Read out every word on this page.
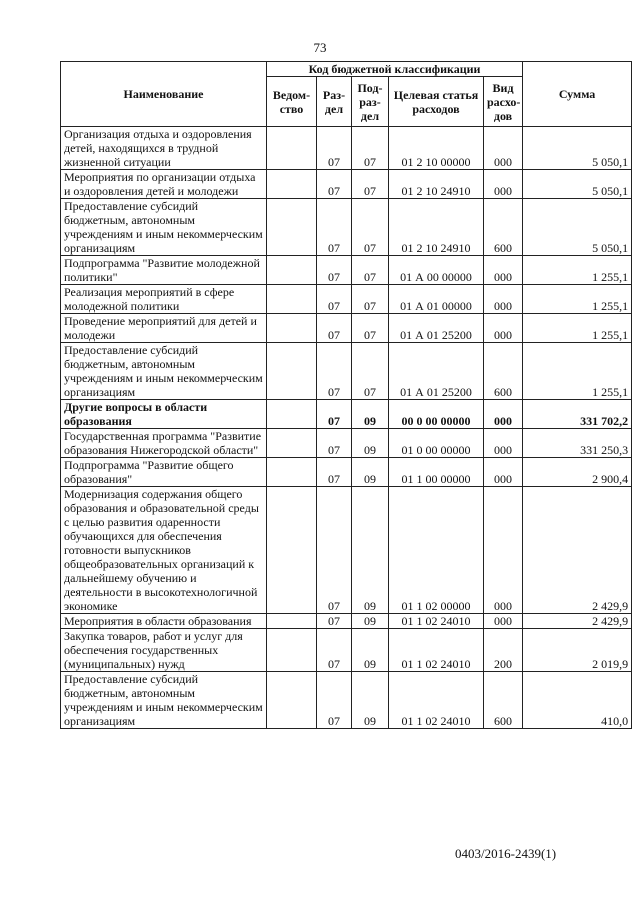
73
Наименование	Код бюджетной классификации					Сумма
	Ведом-ство	Раз-дел	Под-раз-дел	Целевая статья расходов	Вид расхо-дов	
Организация отдыха и оздоровления детей, находящихся в трудной жизненной ситуации		07	07	01 2 10 00000	000	5 050,1
Мероприятия по организации отдыха и оздоровления детей и молодежи		07	07	01 2 10 24910	000	5 050,1
Предоставление субсидий бюджетным, автономным учреждениям и иным некоммерческим организациям		07	07	01 2 10 24910	600	5 050,1
Подпрограмма "Развитие молодежной политики"		07	07	01 А 00 00000	000	1 255,1
Реализация мероприятий в сфере молодежной политики		07	07	01 А 01 00000	000	1 255,1
Проведение мероприятий для детей и молодежи		07	07	01 А 01 25200	000	1 255,1
Предоставление субсидий бюджетным, автономным учреждениям и иным некоммерческим организациям		07	07	01 А 01 25200	600	1 255,1
Другие вопросы в области образования		07	09	00 0 00 00000	000	331 702,2
Государственная программа "Развитие образования Нижегородской области"		07	09	01 0 00 00000	000	331 250,3
Подпрограмма "Развитие общего образования"		07	09	01 1 00 00000	000	2 900,4
Модернизация содержания общего образования и образовательной среды с целью развития одаренности обучающихся для обеспечения готовности выпускников общеобразовательных организаций к дальнейшему обучению и деятельности в высокотехнологичной экономике		07	09	01 1 02 00000	000	2 429,9
Мероприятия в области образования		07	09	01 1 02 24010	000	2 429,9
Закупка товаров, работ и услуг для обеспечения государственных (муниципальных) нужд		07	09	01 1 02 24010	200	2 019,9
Предоставление субсидий бюджетным, автономным учреждениям и иным некоммерческим организациям		07	09	01 1 02 24010	600	410,0
0403/2016-2439(1)
